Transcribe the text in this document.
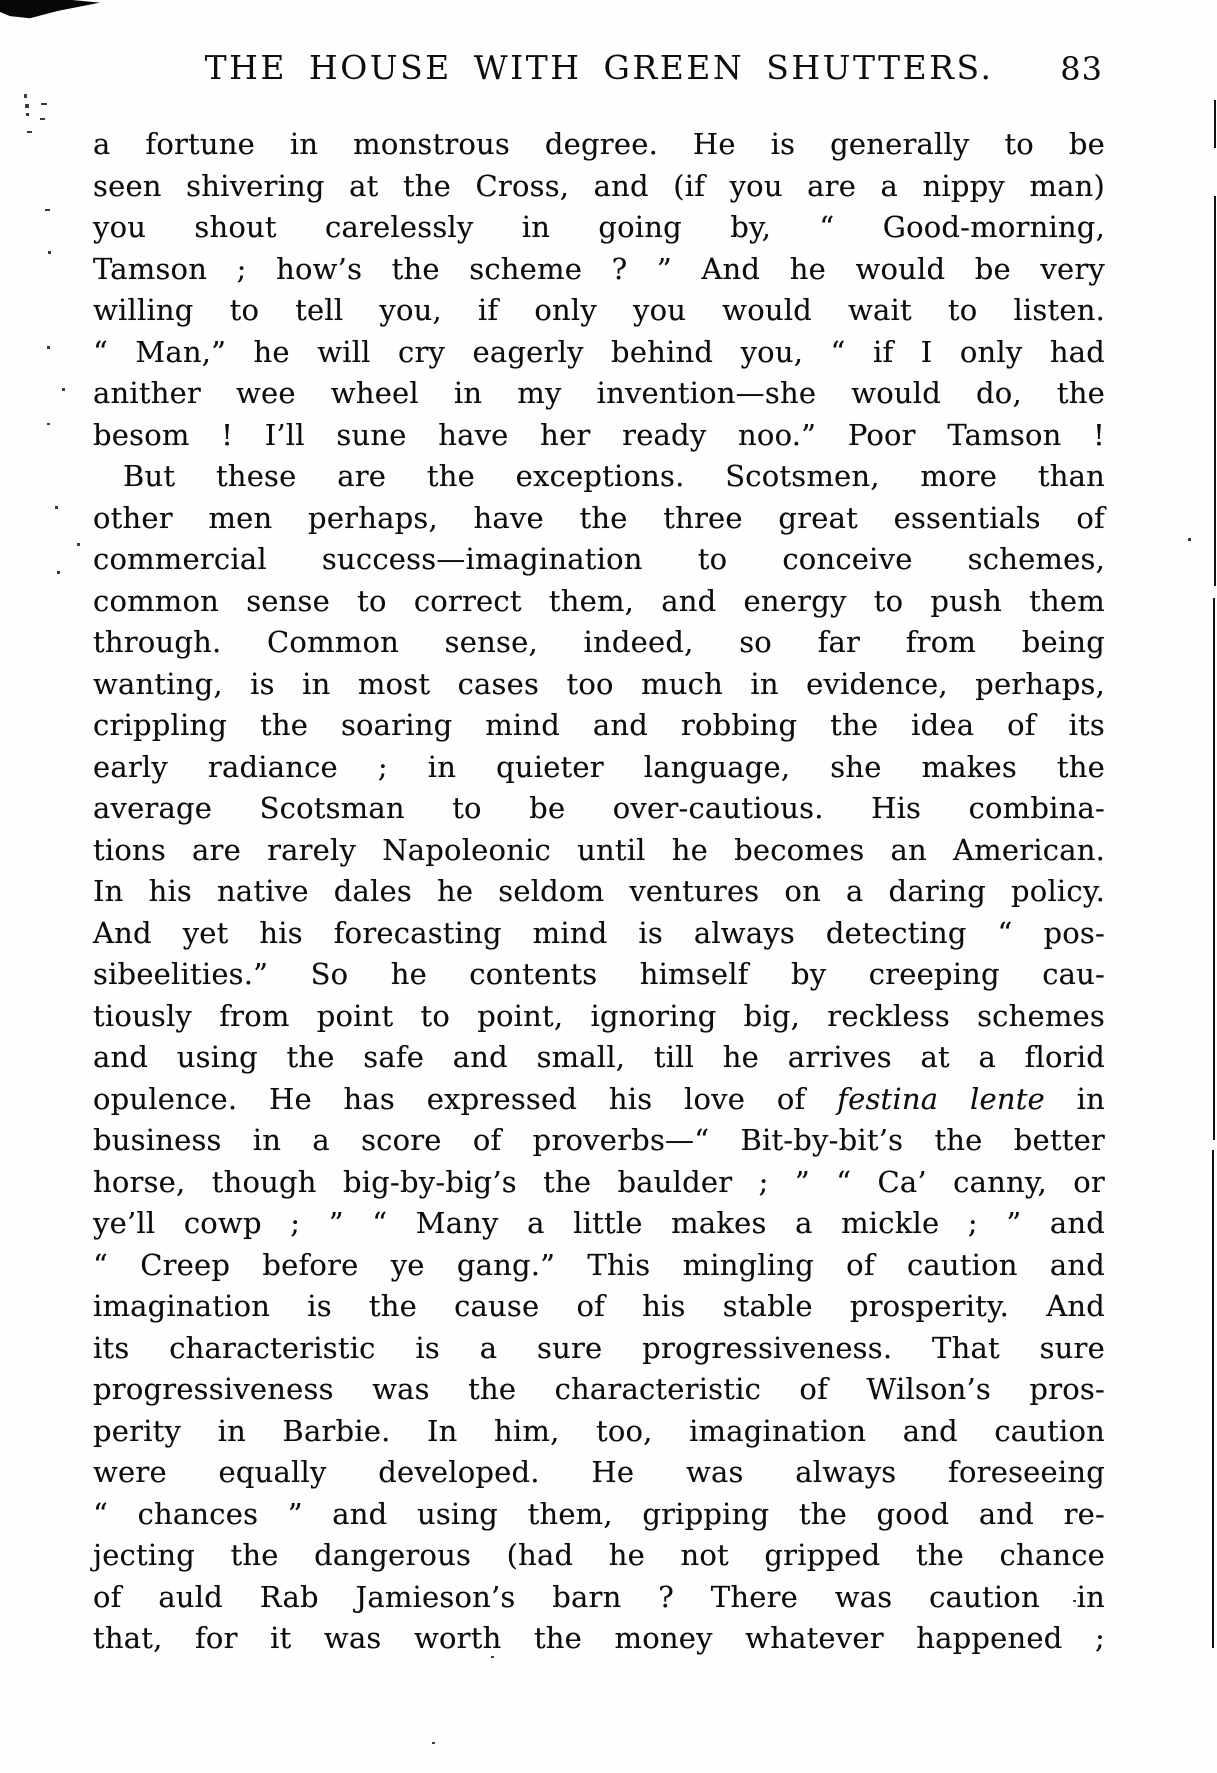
THE HOUSE WITH GREEN SHUTTERS.	83
a fortune in monstrous degree. He is generally to be
seen shivering at the Cross, and (if you are a nippy man)
you shout carelessly in going by, “ Good-morning,
Tamson ; how’s the scheme ? ” And he would be very
willing to tell you, if only you would wait to listen.
“ Man,” he will cry eagerly behind you, “ if I only had
anither wee wheel in my invention—she would do, the
besom ! I’ll sune have her ready noo.” Poor Tamson !
But these are the exceptions. Scotsmen, more than
other men perhaps, have the three great essentials of
commercial success—imagination to conceive schemes,
common sense to correct them, and energy to push them
through. Common sense, indeed, so far from being
wanting, is in most cases too much in evidence, perhaps,
crippling the soaring mind and robbing the idea of its
early radiance ; in quieter language, she makes the
average Scotsman to be over-cautious. His combina-
tions are rarely Napoleonic until he becomes an American.
In his native dales he seldom ventures on a daring policy.
And yet his forecasting mind is always detecting “ pos-
sibeelities.” So he contents himself by creeping cau-
tiously from point to point, ignoring big, reckless schemes
and using the safe and small, till he arrives at a florid
opulence. He has expressed his love of festina lente in
business in a score of proverbs—“ Bit-by-bit’s the better
horse, though big-by-big’s the baulder ; ” “ Ca’ canny, or
ye’ll cowp ; ” “ Many a little makes a mickle ; ” and
“ Creep before ye gang.” This mingling of caution and
imagination is the cause of his stable prosperity. And
its characteristic is a sure progressiveness. That sure
progressiveness was the characteristic of Wilson’s pros-
perity in Barbie. In him, too, imagination and caution
were equally developed. He was always foreseeing
“ chances ” and using them, gripping the good and re-
jecting the dangerous (had he not gripped the chance
of auld Rab Jamieson’s barn ? There was caution in
that, for it was worth the money whatever happened ;
